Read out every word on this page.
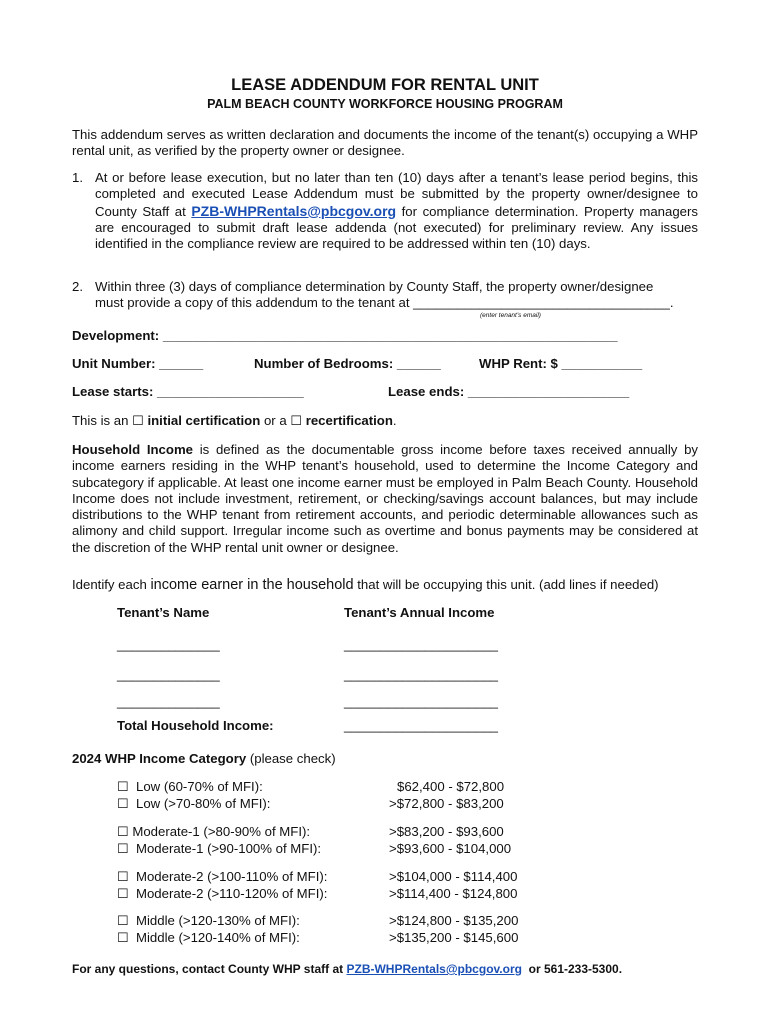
LEASE ADDENDUM FOR RENTAL UNIT
PALM BEACH COUNTY WORKFORCE HOUSING PROGRAM
This addendum serves as written declaration and documents the income of the tenant(s) occupying a WHP rental unit, as verified by the property owner or designee.
1. At or before lease execution, but no later than ten (10) days after a tenant’s lease period begins, this completed and executed Lease Addendum must be submitted by the property owner/designee to County Staff at PZB-WHPRentals@pbcgov.org for compliance determination. Property managers are encouraged to submit draft lease addenda (not executed) for preliminary review. Any issues identified in the compliance review are required to be addressed within ten (10) days.
2. Within three (3) days of compliance determination by County Staff, the property owner/designee
must provide a copy of this addendum to the tenant at ___________________________________.
(enter tenant’s email)
Development: ______________________________________________________________
Unit Number: ______	Number of Bedrooms: ______	WHP Rent: $ ___________
Lease starts: ____________________	Lease ends: ______________________
This is an ☐ initial certification or a ☐ recertification.
Household Income is defined as the documentable gross income before taxes received annually by income earners residing in the WHP tenant’s household, used to determine the Income Category and subcategory if applicable. At least one income earner must be employed in Palm Beach County. Household Income does not include investment, retirement, or checking/savings account balances, but may include distributions to the WHP tenant from retirement accounts, and periodic determinable allowances such as alimony and child support. Irregular income such as overtime and bonus payments may be considered at the discretion of the WHP rental unit owner or designee.
Identify each income earner in the household that will be occupying this unit. (add lines if needed)
Tenant’s Name	Tenant’s Annual Income
______________	_____________________
______________	_____________________
______________	_____________________
Total Household Income:	_____________________
2024 WHP Income Category (please check)
☐ Low (60-70% of MFI):	$62,400 - $72,800
☐ Low (>70-80% of MFI):	>$72,800 - $83,200
☐ Moderate-1 (>80-90% of MFI):	>$83,200 - $93,600
☐ Moderate-1 (>90-100% of MFI):	>$93,600 - $104,000
☐ Moderate-2 (>100-110% of MFI):	>$104,000 - $114,400
☐ Moderate-2 (>110-120% of MFI):	>$114,400 - $124,800
☐ Middle (>120-130% of MFI):	>$124,800 - $135,200
☐ Middle (>120-140% of MFI):	>$135,200 - $145,600
For any questions, contact County WHP staff at PZB-WHPRentals@pbcgov.org or 561-233-5300.
